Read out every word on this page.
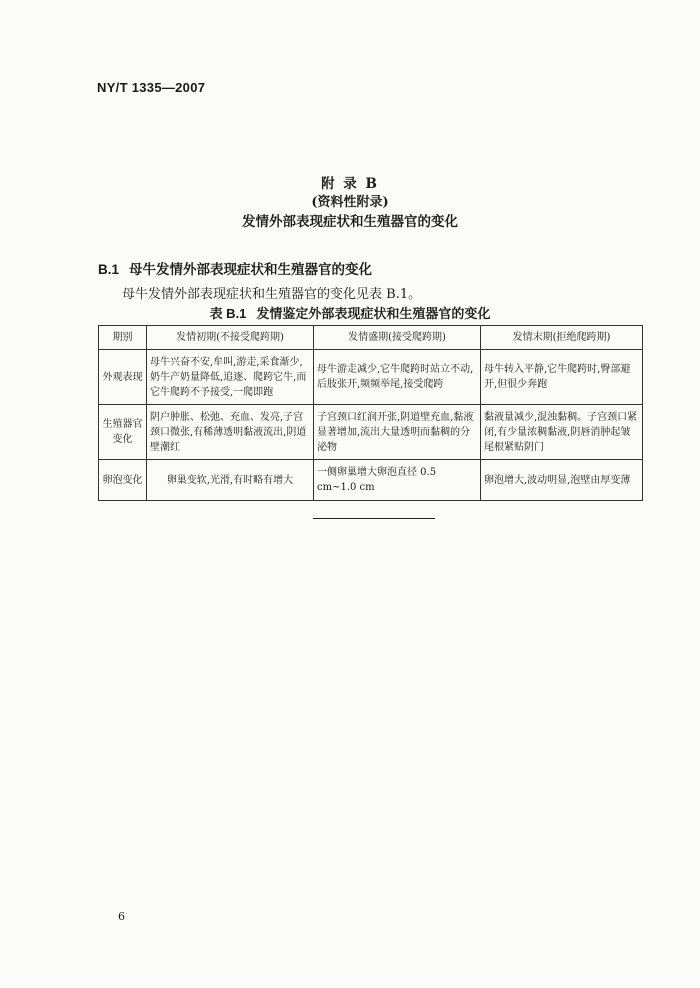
NY/T 1335—2007
附 录 B
(资料性附录)
发情外部表现症状和生殖器官的变化
B.1 母牛发情外部表现症状和生殖器官的变化
母牛发情外部表现症状和生殖器官的变化见表 B.1。
表 B.1 发情鉴定外部表现症状和生殖器官的变化
期别	发情初期(不接受爬跨期)	发情盛期(接受爬跨期)	发情末期(拒绝爬跨期)
外观表现	母牛兴奋不安,牟叫,游走,采食渐少,奶牛产奶量降低,追逐、爬跨它牛,而它牛爬跨不予接受,一爬即跑	母牛游走减少,它牛爬跨时站立不动,后肢张开,频频举尾,接受爬跨	母牛转入平静,它牛爬跨时,臀部避开,但很少奔跑
生殖器官变化	阴户肿胀、松弛、充血、发亮,子宫颈口微张,有稀薄透明黏液流出,阴道壁潮红	子宫颈口红润开张,阴道壁充血,黏液显著增加,流出大量透明而黏稠的分泌物	黏液量减少,混浊黏稠。子宫颈口紧闭,有少量浓稠黏液,阴唇消肿起皱尾根紧贴阴门
卵泡变化	卵巢变软,光滑,有时略有增大	一侧卵巢增大卵泡直径 0.5 cm~1.0 cm	卵泡增大,波动明显,泡壁由厚变薄
6
